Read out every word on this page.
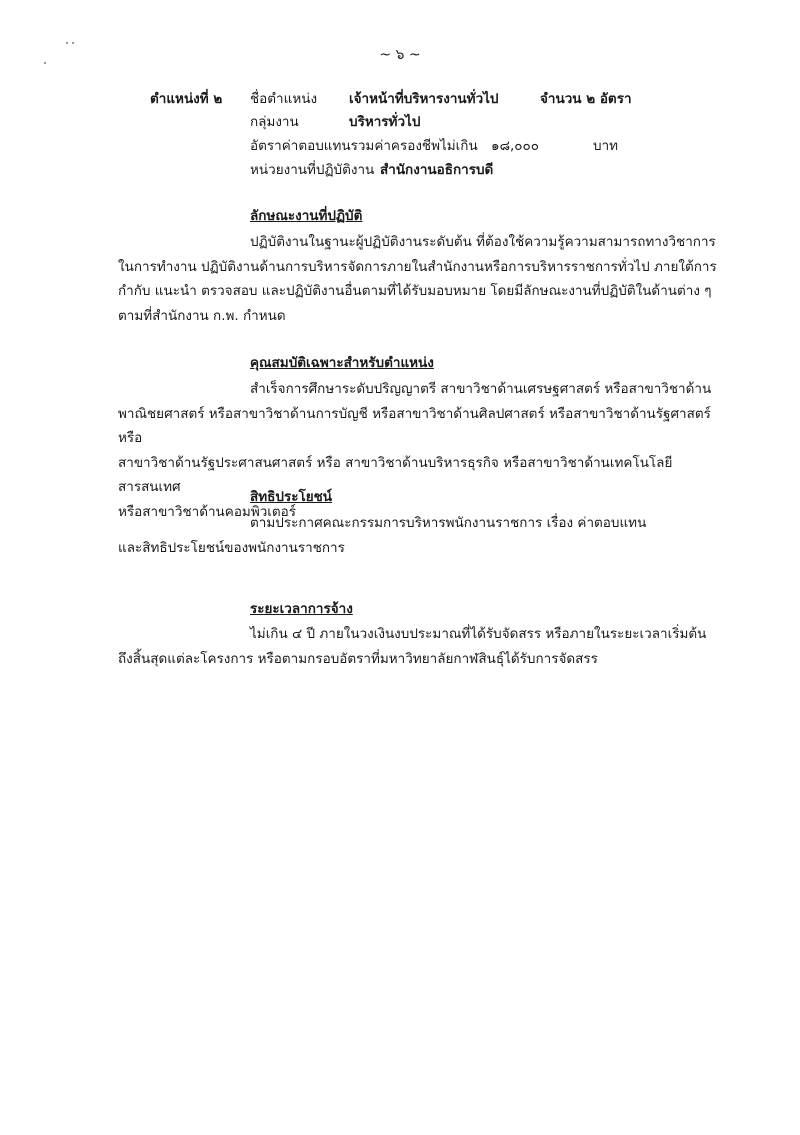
~ ๖ ~
ตำแหน่งที่ ๒ ชื่อตำแหน่ง เจ้าหน้าที่บริหารงานทั่วไป	จำนวน ๒ อัตรา
กลุ่มงาน	บริหารทั่วไป
อัตราค่าตอบแทนรวมค่าครองชีพไม่เกิน ๑๘,๐๐๐	บาท
หน่วยงานที่ปฏิบัติงาน สำนักงานอธิการบดี
ลักษณะงานที่ปฏิบัติ

ปฏิบัติงานในฐานะผู้ปฏิบัติงานระดับต้น ที่ต้องใช้ความรู้ความสามารถทางวิชาการ

ในการทำงาน ปฏิบัติงานด้านการบริหารจัดการภายในสำนักงานหรือการบริหารราชการทั่วไป ภายใต้การ

กำกับ แนะนำ ตรวจสอบ และปฏิบัติงานอื่นตามที่ได้รับมอบหมาย โดยมีลักษณะงานที่ปฏิบัติในด้านต่าง ๆ

ตามที่สำนักงาน ก.พ. กำหนด

คุณสมบัติเฉพาะสำหรับตำแหน่ง

สำเร็จการศึกษาระดับปริญญาตรี สาขาวิชาด้านเศรษฐศาสตร์ หรือสาขาวิชาด้าน

พาณิชยศาสตร์ หรือสาขาวิชาด้านการบัญชี หรือสาขาวิชาด้านศิลปศาสตร์ หรือสาขาวิชาด้านรัฐศาสตร์ หรือ

สาขาวิชาด้านรัฐประศาสนศาสตร์ หรือ สาขาวิชาด้านบริหารธุรกิจ หรือสาขาวิชาด้านเทคโนโลยีสารสนเทศ

หรือสาขาวิชาด้านคอมพิวเตอร์

สิทธิประโยชน์

ตามประกาศคณะกรรมการบริหารพนักงานราชการ เรื่อง ค่าตอบแทน

และสิทธิประโยชน์ของพนักงานราชการ

ระยะเวลาการจ้าง

ไม่เกิน ๔ ปี ภายในวงเงินงบประมาณที่ได้รับจัดสรร หรือภายในระยะเวลาเริ่มต้น

ถึงสิ้นสุดแต่ละโครงการ หรือตามกรอบอัตราที่มหาวิทยาลัยกาฬสินธุ์ได้รับการจัดสรร
